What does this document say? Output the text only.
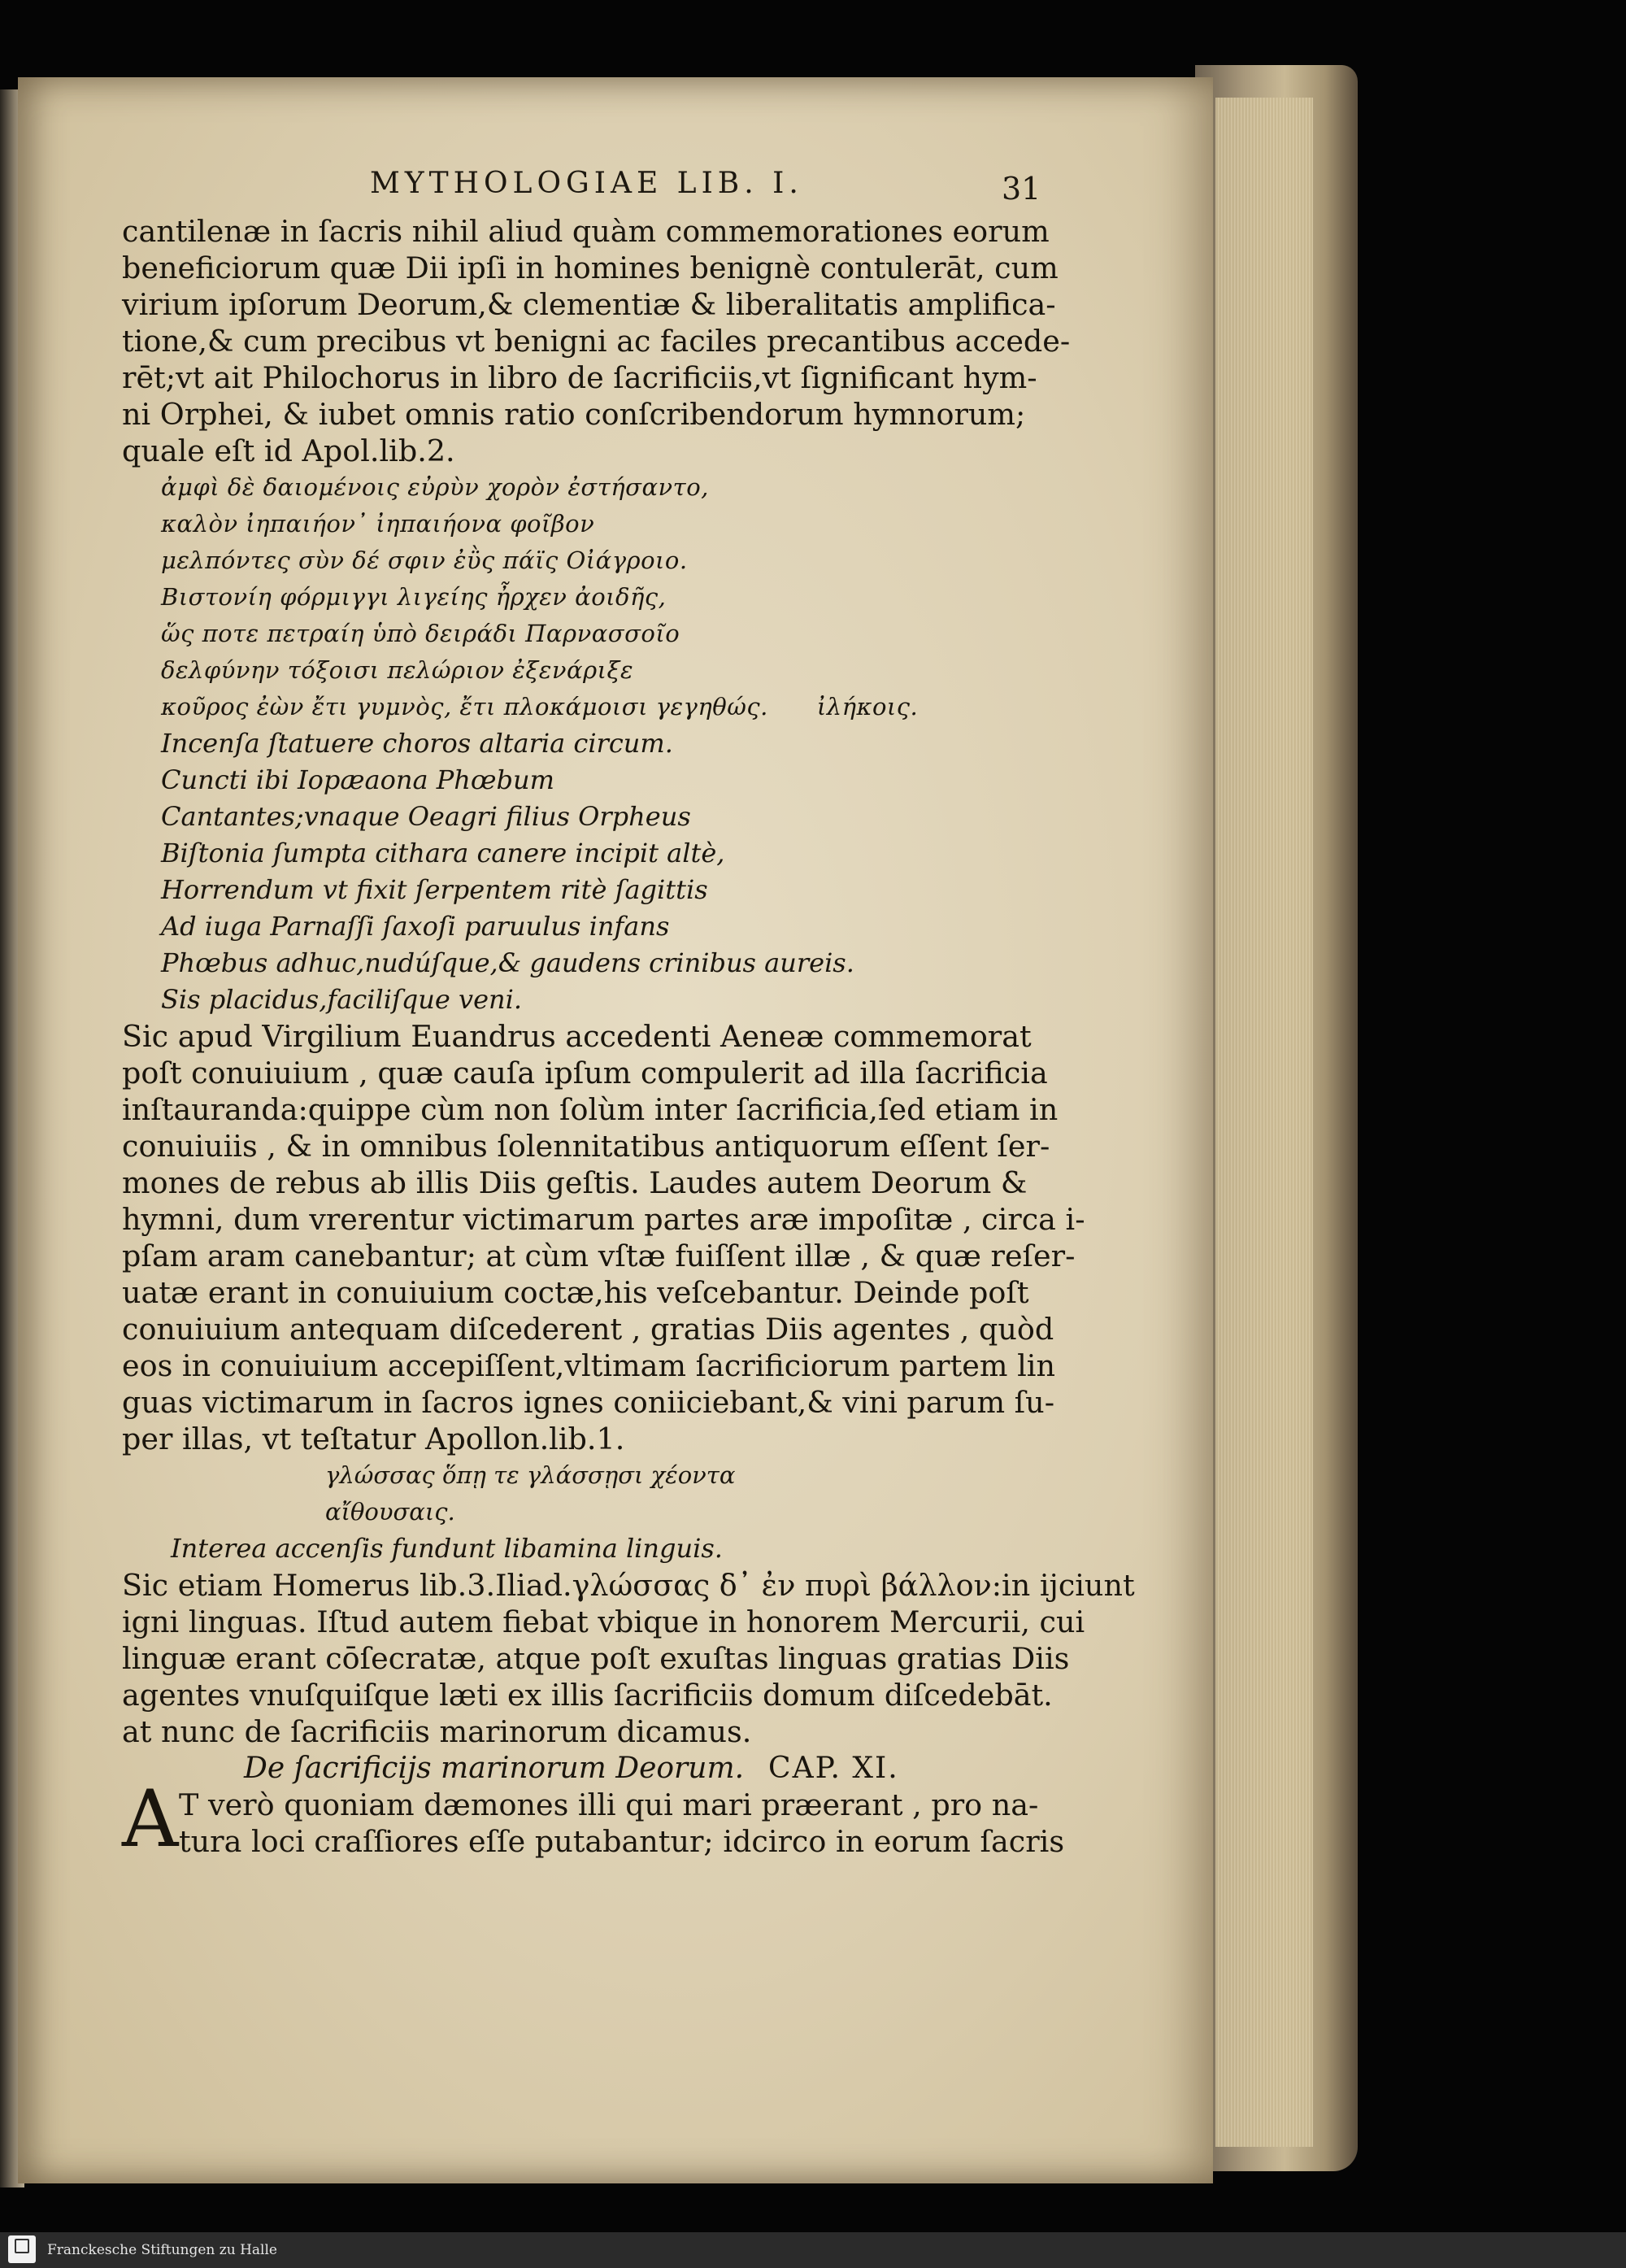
MYTHOLOGIAE LIB. I.	31
cantilenæ in ſacris nihil aliud quàm commemorationes eorum
beneficiorum quæ Dii ipſi in homines benignè contulerāt, cum
virium ipſorum Deorum,& clementiæ & liberalitatis amplifica-
tione,& cum precibus vt benigni ac faciles precantibus accede-
rēt;vt ait Philochorus in libro de ſacrificiis,vt ſignificant hym-
ni Orphei, & iubet omnis ratio conſcribendorum hymnorum;
quale eſt id Apol.lib.2.
ἀμφὶ δὲ δαιομένοις εὐρὺν χορὸν ἐστήσαντο,
καλὸν ἰηπαιήον᾽ ἰηπαιήονα φοῖβον
μελπόντες σὺν δέ σφιν ἐῢς πάϊς Οἰάγροιο.
Βιστονίη φόρμιγγι λιγείης ἦρχεν ἀοιδῆς,
ὥς ποτε πετραίη ὑπὸ δειράδι Παρνασσοῖο
δελφύνην τόξοισι πελώριον ἐξενάριξε
κοῦρος ἐὼν ἔτι γυμνὸς, ἔτι πλοκάμοισι γεγηθώς. ἰλήκοις.
Incenſa ſtatuere choros altaria circum.
Cuncti ibi Iopæaona Phœbum
Cantantes;vnaque Oeagri filius Orpheus
Biſtonia ſumpta cithara canere incipit altè,
Horrendum vt fixit ſerpentem ritè ſagittis
Ad iuga Parnaſſi ſaxoſi paruulus infans
Phœbus adhuc,nudúſque,& gaudens crinibus aureis.
Sis placidus,faciliſque veni.
Sic apud Virgilium Euandrus accedenti Aeneæ commemorat
poſt conuiuium , quæ cauſa ipſum compulerit ad illa ſacrificia
inſtauranda:quippe cùm non ſolùm inter ſacrificia,ſed etiam in
conuiuiis , & in omnibus ſolennitatibus antiquorum eſſent ſer-
mones de rebus ab illis Diis geſtis. Laudes autem Deorum &
hymni, dum vrerentur victimarum partes aræ impoſitæ , circa i-
pſam aram canebantur; at cùm vſtæ fuiſſent illæ , & quæ reſer-
uatæ erant in conuiuium coctæ,his veſcebantur. Deinde poſt
conuiuium antequam diſcederent , gratias Diis agentes , quòd
eos in conuiuium accepiſſent,vltimam ſacrificiorum partem lin
guas victimarum in ſacros ignes coniiciebant,& vini parum ſu-
per illas, vt teſtatur Apollon.lib.1.
γλώσσας ὅπῃ τε γλάσσῃσι χέοντα
αἴθουσαις.
Interea accenſis fundunt libamina linguis.
Sic etiam Homerus lib.3.Iliad.γλώσσας δ᾽ ἐν πυρὶ βάλλον:in ijciunt
igni linguas. Iſtud autem fiebat vbique in honorem Mercurii, cui
linguæ erant cōſecratæ, atque poſt exuſtas linguas gratias Diis
agentes vnuſquiſque læti ex illis ſacrificiis domum diſcedebāt.
at nunc de ſacrificiis marinorum dicamus.
De ſacrificijs marinorum Deorum. CAP. XI.
A T verò quoniam dæmones illi qui mari præerant , pro na-
tura loci craſſiores eſſe putabantur; idcirco in eorum ſacris
Franckesche Stiftungen zu Halle
